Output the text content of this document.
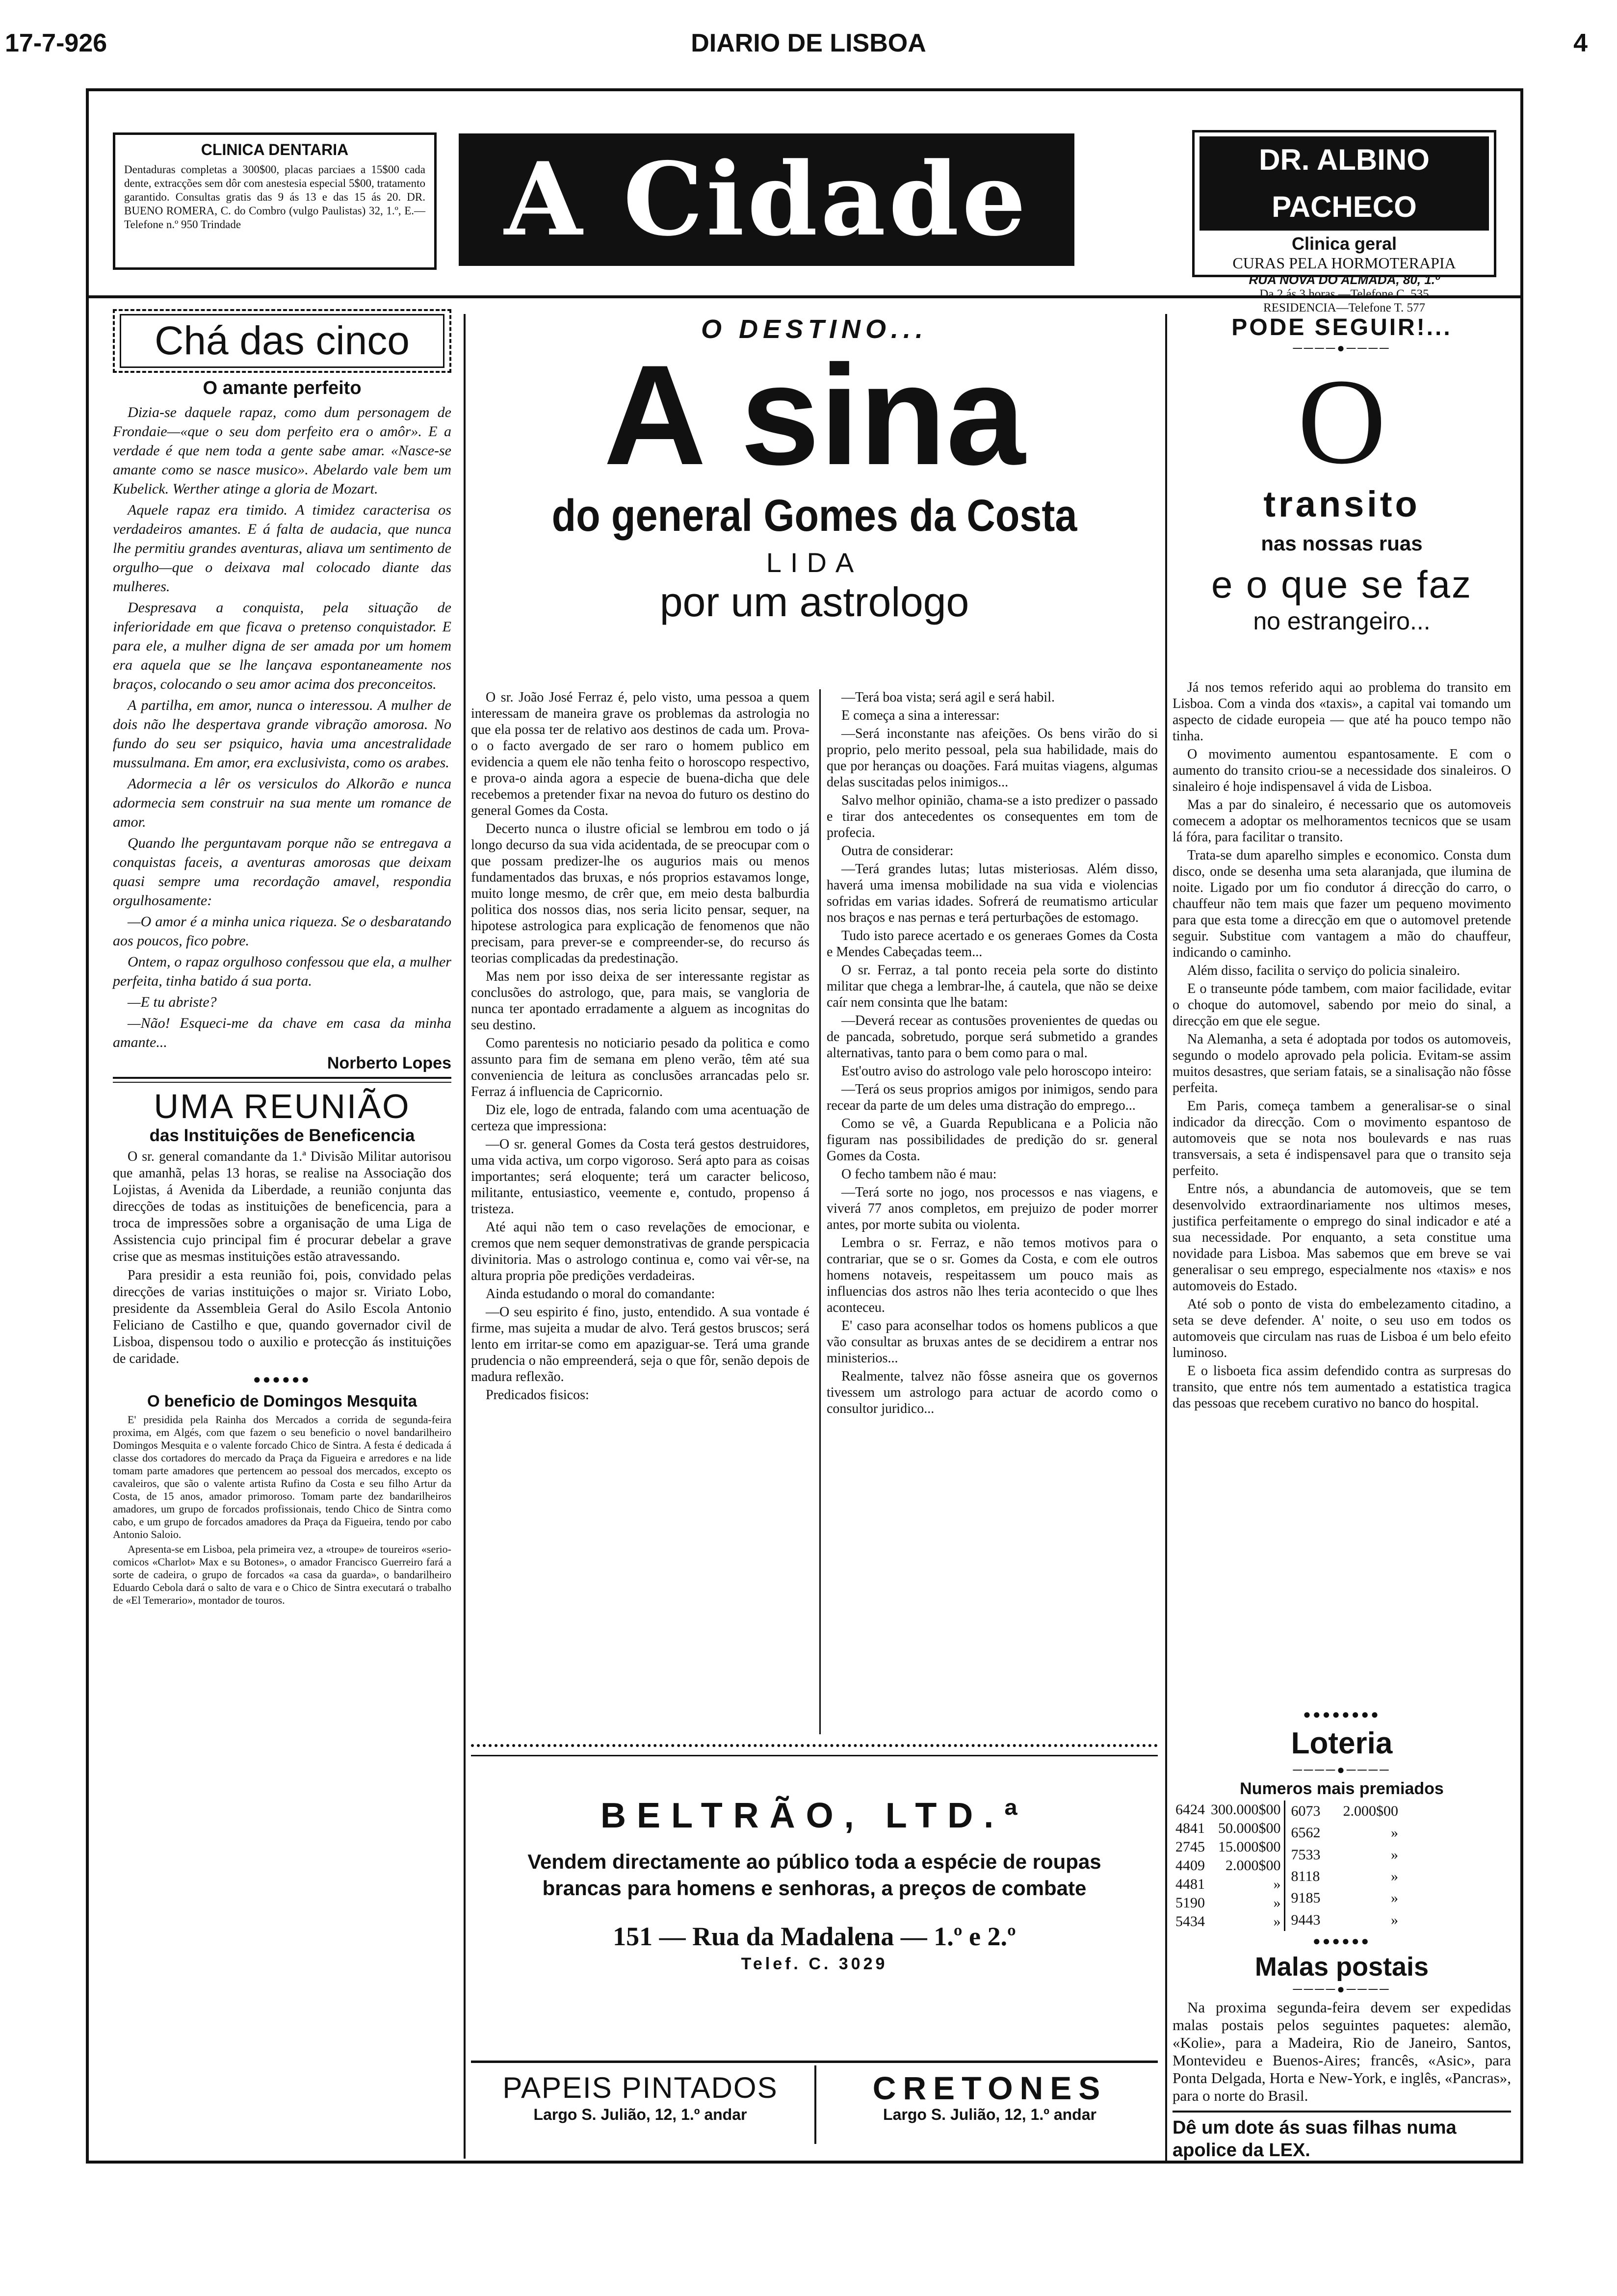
17-7-926	DIARIO DE LISBOA	4
CLINICA DENTARIA
Dentaduras completas a 300$00, placas parciaes a 15$00 cada dente, extracções sem dôr com anestesia especial 5$00, tratamento garantido. Consultas gratis das 9 ás 13 e das 15 ás 20. DR. BUENO ROMERA, C. do Combro (vulgo Paulistas) 32, 1.º, E.—Telefone n.º 950 Trindade	A Cidade	DR. ALBINO PACHECO
Clinica geral
CURAS PELA HORMOTERAPIA
RUA NOVA DO ALMADA, 80, 1.º
Da 2 ás 3 horas.—Telefone C. 535
RESIDENCIA—Telefone T. 577
Chá das cinco
O amante perfeito

Dizia-se daquele rapaz, como dum personagem de Frondaie—«que o seu dom perfeito era o amôr». E a verdade é que nem toda a gente sabe amar. «Nasce-se amante como se nasce musico». Abelardo vale bem um Kubelick. Werther atinge a gloria de Mozart.

Aquele rapaz era timido. A timidez caracterisa os verdadeiros amantes. E á falta de audacia, que nunca lhe permitiu grandes aventuras, aliava um sentimento de orgulho—que o deixava mal colocado diante das mulheres.

Despresava a conquista, pela situação de inferioridade em que ficava o pretenso conquistador. E para ele, a mulher digna de ser amada por um homem era aquela que se lhe lançava espontaneamente nos braços, colocando o seu amor acima dos preconceitos.

A partilha, em amor, nunca o interessou. A mulher de dois não lhe despertava grande vibração amorosa. No fundo do seu ser psiquico, havia uma ancestralidade mussulmana. Em amor, era exclusivista, como os arabes.

Adormecia a lêr os versiculos do Alkorão e nunca adormecia sem construir na sua mente um romance de amor.

Quando lhe perguntavam porque não se entregava a conquistas faceis, a aventuras amorosas que deixam quasi sempre uma recordação amavel, respondia orgulhosamente:

—O amor é a minha unica riqueza. Se o desbaratando aos poucos, fico pobre.

Ontem, o rapaz orgulhoso confessou que ela, a mulher perfeita, tinha batido á sua porta.

—E tu abriste?

—Não! Esqueci-me da chave em casa da minha amante...

Norberto Lopes
UMA REUNIÃO
das Instituições de Beneficencia

O sr. general comandante da 1.ª Divisão Militar autorisou que amanhã, pelas 13 horas, se realise na Associação dos Lojistas, á Avenida da Liberdade, a reunião conjunta das direcções de todas as instituições de beneficencia, para a troca de impressões sobre a organisação de uma Liga de Assistencia cujo principal fim é procurar debelar a grave crise que as mesmas instituições estão atravessando.

Para presidir a esta reunião foi, pois, convidado pelas direcções de varias instituições o major sr. Viriato Lobo, presidente da Assembleia Geral do Asilo Escola Antonio Feliciano de Castilho e que, quando governador civil de Lisboa, dispensou todo o auxilio e protecção ás instituições de caridade.

●●●●●●
O beneficio de Domingos Mesquita

E' presidida pela Rainha dos Mercados a corrida de segunda-feira proxima, em Algés, com que fazem o seu beneficio o novel bandarilheiro Domingos Mesquita e o valente forcado Chico de Sintra. A festa é dedicada á classe dos cortadores do mercado da Praça da Figueira e arredores e na lide tomam parte amadores que pertencem ao pessoal dos mercados, excepto os cavaleiros, que são o valente artista Rufino da Costa e seu filho Artur da Costa, de 15 anos, amador primoroso. Tomam parte dez bandarilheiros amadores, um grupo de forcados profissionais, tendo Chico de Sintra como cabo, e um grupo de forcados amadores da Praça da Figueira, tendo por cabo Antonio Saloio.

Apresenta-se em Lisboa, pela primeira vez, a «troupe» de toureiros «serio-comicos «Charlot» Max e su Botones», o amador Francisco Guerreiro fará a sorte de cadeira, o grupo de forcados «a casa da guarda», o bandarilheiro Eduardo Cebola dará o salto de vara e o Chico de Sintra executará o trabalho de «El Temerario», montador de touros.

O DESTINO...
A sina
do general Gomes da Costa
LIDA
por um astrologo

O sr. João José Ferraz é, pelo visto, uma pessoa a quem interessam de maneira grave os problemas da astrologia no que ela possa ter de relativo aos destinos de cada um. Prova-o o facto avergado de ser raro o homem publico em evidencia a quem ele não tenha feito o horoscopo respectivo, e prova-o ainda agora a especie de buena-dicha que dele recebemos a pretender fixar na nevoa do futuro os destino do general Gomes da Costa.

Decerto nunca o ilustre oficial se lembrou em todo o já longo decurso da sua vida acidentada, de se preocupar com o que possam predizer-lhe os augurios mais ou menos fundamentados das bruxas, e nós proprios estavamos longe, muito longe mesmo, de crêr que, em meio desta balburdia politica dos nossos dias, nos seria licito pensar, sequer, na hipotese astrologica para explicação de fenomenos que não precisam, para prever-se e compreender-se, do recurso ás teorias complicadas da predestinação.

Mas nem por isso deixa de ser interessante registar as conclusões do astrologo, que, para mais, se vangloria de nunca ter apontado erradamente a alguem as incognitas do seu destino.

Como parentesis no noticiario pesado da politica e como assunto para fim de semana em pleno verão, têm até sua conveniencia de leitura as conclusões arrancadas pelo sr. Ferraz á influencia de Capricornio.

Diz ele, logo de entrada, falando com uma acentuação de certeza que impressiona:

—O sr. general Gomes da Costa terá gestos destruidores, uma vida activa, um corpo vigoroso. Será apto para as coisas importantes; será eloquente; terá um caracter belicoso, militante, entusiastico, veemente e, contudo, propenso á tristeza.

Até aqui não tem o caso revelações de emocionar, e cremos que nem sequer demonstrativas de grande perspicacia divinitoria. Mas o astrologo continua e, como vai vêr-se, na altura propria põe predições verdadeiras.

Ainda estudando o moral do comandante:

—O seu espirito é fino, justo, entendido. A sua vontade é firme, mas sujeita a mudar de alvo. Terá gestos bruscos; será lento em irritar-se como em apaziguar-se. Terá uma grande prudencia o não empreenderá, seja o que fôr, senão depois de madura reflexão.

Predicados fisicos:

—Terá boa vista; será agil e será habil.

E começa a sina a interessar:

—Será inconstante nas afeições. Os bens virão do si proprio, pelo merito pessoal, pela sua habilidade, mais do que por heranças ou doações. Fará muitas viagens, algumas delas suscitadas pelos inimigos...

Salvo melhor opinião, chama-se a isto predizer o passado e tirar dos antecedentes os consequentes em tom de profecia.

Outra de considerar:

—Terá grandes lutas; lutas misteriosas. Além disso, haverá uma imensa mobilidade na sua vida e violencias sofridas em varias idades. Sofrerá de reumatismo articular nos braços e nas pernas e terá perturbações de estomago.

Tudo isto parece acertado e os generaes Gomes da Costa e Mendes Cabeçadas teem...

O sr. Ferraz, a tal ponto receia pela sorte do distinto militar que chega a lembrar-lhe, á cautela, que não se deixe caír nem consinta que lhe batam:

—Deverá recear as contusões provenientes de quedas ou de pancada, sobretudo, porque será submetido a grandes alternativas, tanto para o bem como para o mal.

Est'outro aviso do astrologo vale pelo horoscopo inteiro:

—Terá os seus proprios amigos por inimigos, sendo para recear da parte de um deles uma distração do emprego...

Como se vê, a Guarda Republicana e a Policia não figuram nas possibilidades de predição do sr. general Gomes da Costa.

O fecho tambem não é mau:

—Terá sorte no jogo, nos processos e nas viagens, e viverá 77 anos completos, em prejuizo de poder morrer antes, por morte subita ou violenta.

Lembra o sr. Ferraz, e não temos motivos para o contrariar, que se o sr. Gomes da Costa, e com ele outros homens notaveis, respeitassem um pouco mais as influencias dos astros não lhes teria acontecido o que lhes aconteceu.

E' caso para aconselhar todos os homens publicos a que vão consultar as bruxas antes de se decidirem a entrar nos ministerios...

Realmente, talvez não fôsse asneira que os governos tivessem um astrologo para actuar de acordo como o consultor juridico...

BELTRÃO, LTD.ª
Vendem directamente ao público toda a espécie de roupas
brancas para homens e senhoras, a preços de combate
151 — Rua da Madalena — 1.º e 2.º
Telef. C. 3029
PAPEIS PINTADOS
Largo S. Julião, 12, 1.º andar
CRETONES
Largo S. Julião, 12, 1.º andar
PODE SEGUIR!...
────●────
O
transito
nas nossas ruas
e o que se faz
no estrangeiro...

Já nos temos referido aqui ao problema do transito em Lisboa. Com a vinda dos «taxis», a capital vai tomando um aspecto de cidade europeia — que até ha pouco tempo não tinha.

O movimento aumentou espantosamente. E com o aumento do transito criou-se a necessidade dos sinaleiros. O sinaleiro é hoje indispensavel á vida de Lisboa.

Mas a par do sinaleiro, é necessario que os automoveis comecem a adoptar os melhoramentos tecnicos que se usam lá fóra, para facilitar o transito.

Trata-se dum aparelho simples e economico. Consta dum disco, onde se desenha uma seta alaranjada, que ilumina de noite. Ligado por um fio condutor á direcção do carro, o chauffeur não tem mais que fazer um pequeno movimento para que esta tome a direcção em que o automovel pretende seguir. Substitue com vantagem a mão do chauffeur, indicando o caminho.

Além disso, facilita o serviço do policia sinaleiro.

E o transeunte póde tambem, com maior facilidade, evitar o choque do automovel, sabendo por meio do sinal, a direcção em que ele segue.

Na Alemanha, a seta é adoptada por todos os automoveis, segundo o modelo aprovado pela policia. Evitam-se assim muitos desastres, que seriam fatais, se a sinalisação não fôsse perfeita.

Em Paris, começa tambem a generalisar-se o sinal indicador da direcção. Com o movimento espantoso de automoveis que se nota nos boulevards e nas ruas transversais, a seta é indispensavel para que o transito seja perfeito.

Entre nós, a abundancia de automoveis, que se tem desenvolvido extraordinariamente nos ultimos meses, justifica perfeitamente o emprego do sinal indicador e até a sua necessidade. Por enquanto, a seta constitue uma novidade para Lisboa. Mas sabemos que em breve se vai generalisar o seu emprego, especialmente nos «taxis» e nos automoveis do Estado.

Até sob o ponto de vista do embelezamento citadino, a seta se deve defender. A' noite, o seu uso em todos os automoveis que circulam nas ruas de Lisboa é um belo efeito luminoso.

E o lisboeta fica assim defendido contra as surpresas do transito, que entre nós tem aumentado a estatistica tragica das pessoas que recebem curativo no banco do hospital.

●●●●●●●●
Loteria
────●────
Numeros mais premiados
6424	300.000$00
4841	50.000$00
2745	15.000$00
4409	2.000$00
4481	»
5190	»
5434	»
6073	2.000$00
6562	»
7533	»
8118	»
9185	»
9443	»
●●●●●●
Malas postais
────●────

Na proxima segunda-feira devem ser expedidas malas postais pelos seguintes paquetes: alemão, «Kolie», para a Madeira, Rio de Janeiro, Santos, Montevideu e Buenos-Aires; francês, «Asic», para Ponta Delgada, Horta e New-York, e inglês, «Pancras», para o norte do Brasil.

Dê um dote ás suas filhas numa apolice da LEX.
